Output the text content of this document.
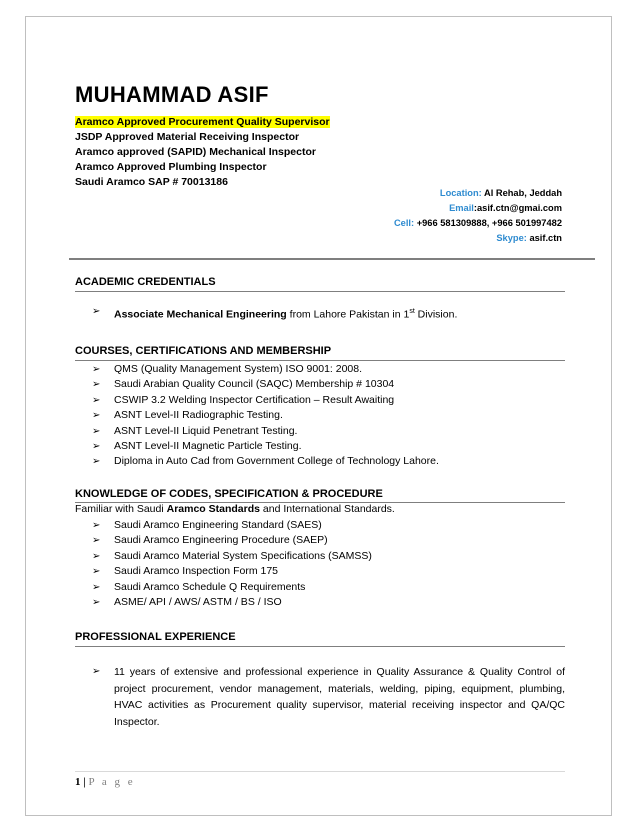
MUHAMMAD ASIF
Aramco Approved Procurement Quality Supervisor
JSDP Approved Material Receiving Inspector
Aramco approved (SAPID) Mechanical Inspector
Aramco Approved Plumbing Inspector
Saudi Aramco SAP # 70013186
Location: Al Rehab, Jeddah
Email:asif.ctn@gmai.com
Cell: +966 581309888, +966 501997482
Skype: asif.ctn
ACADEMIC CREDENTIALS
➢ Associate Mechanical Engineering from Lahore Pakistan in 1st Division.
COURSES, CERTIFICATIONS AND MEMBERSHIP
➢ QMS (Quality Management System) ISO 9001: 2008.
➢ Saudi Arabian Quality Council (SAQC) Membership # 10304
➢ CSWIP 3.2 Welding Inspector Certification – Result Awaiting
➢ ASNT Level-II Radiographic Testing.
➢ ASNT Level-II Liquid Penetrant Testing.
➢ ASNT Level-II Magnetic Particle Testing.
➢ Diploma in Auto Cad from Government College of Technology Lahore.
KNOWLEDGE OF CODES, SPECIFICATION & PROCEDURE
Familiar with Saudi Aramco Standards and International Standards.
➢ Saudi Aramco Engineering Standard (SAES)
➢ Saudi Aramco Engineering Procedure (SAEP)
➢ Saudi Aramco Material System Specifications (SAMSS)
➢ Saudi Aramco Inspection Form 175
➢ Saudi Aramco Schedule Q Requirements
➢ ASME/ API / AWS/ ASTM / BS / ISO
PROFESSIONAL EXPERIENCE
➢ 11 years of extensive and professional experience in Quality Assurance & Quality Control of project procurement, vendor management, materials, welding, piping, equipment, plumbing, HVAC activities as Procurement quality supervisor, material receiving inspector and QA/QC Inspector.
1 | P a g e
